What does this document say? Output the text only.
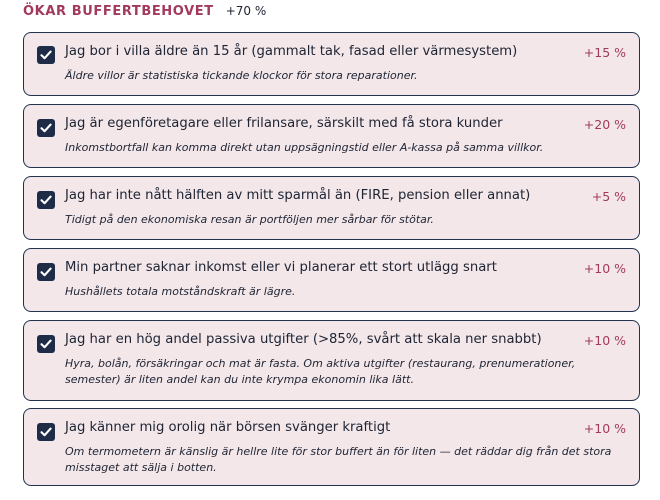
ÖKAR BUFFERTBEHOVET +70 %
Jag bor i villa äldre än 15 år (gammalt tak, fasad eller värmesystem)
Äldre villor är statistiska tickande klockor för stora reparationer.
+15 %
Jag är egenföretagare eller frilansare, särskilt med få stora kunder
Inkomstbortfall kan komma direkt utan uppsägningstid eller A-kassa på samma villkor.
+20 %
Jag har inte nått hälften av mitt sparmål än (FIRE, pension eller annat)
Tidigt på den ekonomiska resan är portföljen mer sårbar för stötar.
+5 %
Min partner saknar inkomst eller vi planerar ett stort utlägg snart
Hushållets totala motståndskraft är lägre.
+10 %
Jag har en hög andel passiva utgifter (>85%, svårt att skala ner snabbt)
Hyra, bolån, försäkringar och mat är fasta. Om aktiva utgifter (restaurang, prenumerationer, semester) är liten andel kan du inte krympa ekonomin lika lätt.
+10 %
Jag känner mig orolig när börsen svänger kraftigt
Om termometern är känslig är hellre lite för stor buffert än för liten — det räddar dig från det stora misstaget att sälja i botten.
+10 %
